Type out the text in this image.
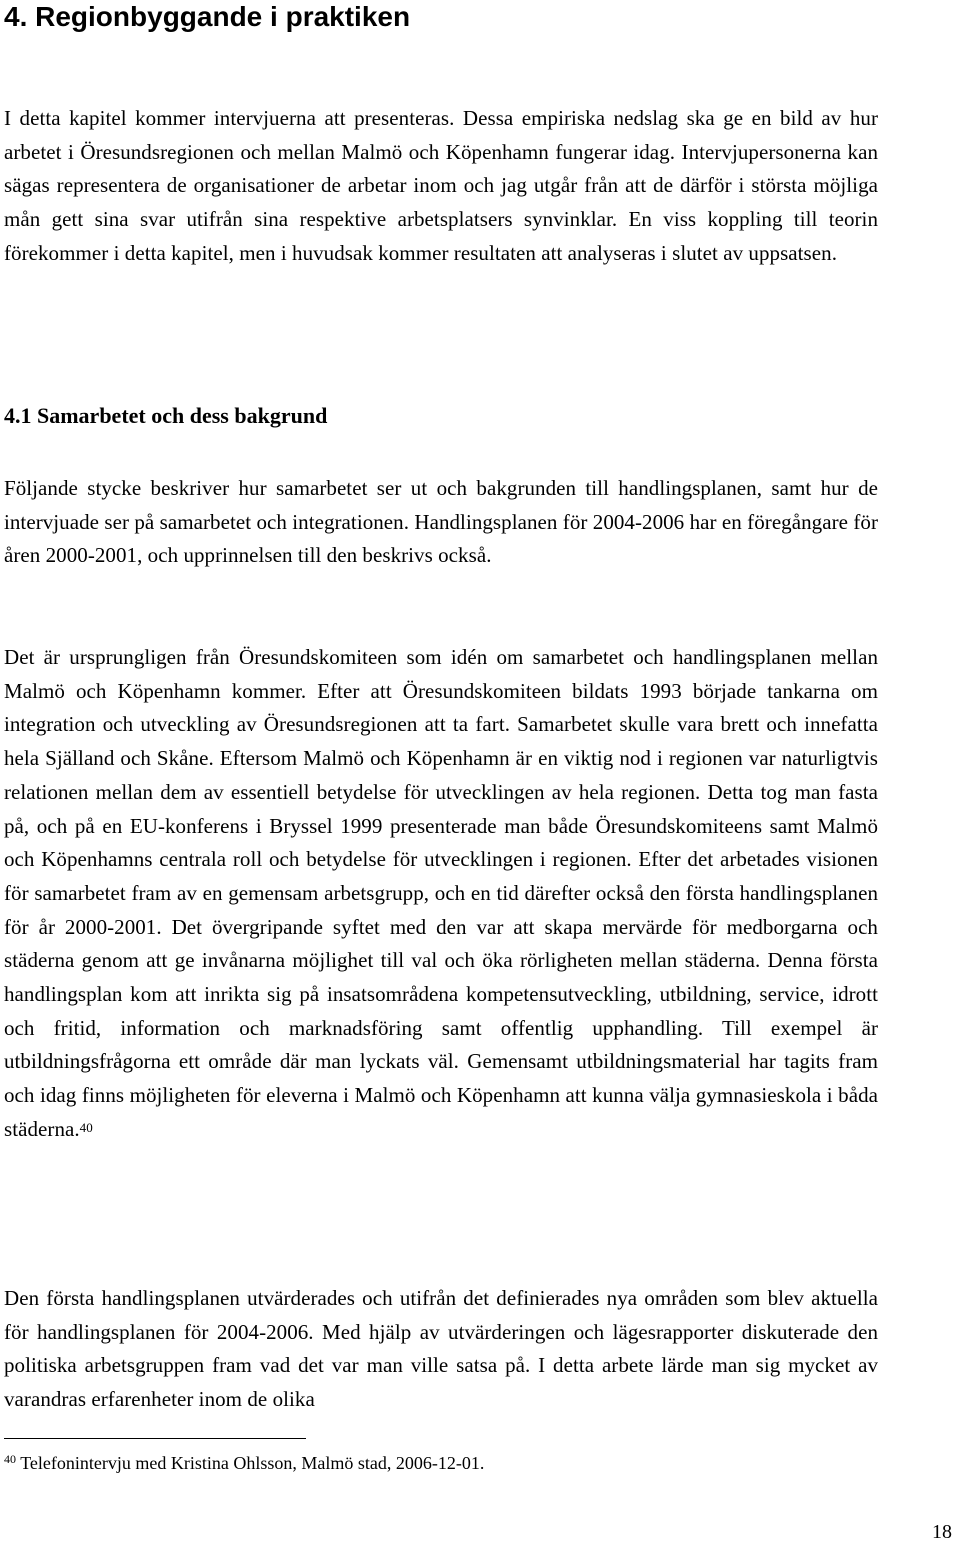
4. Regionbyggande i praktiken

I detta kapitel kommer intervjuerna att presenteras. Dessa empiriska nedslag ska ge en bild av hur arbetet i Öresundsregionen och mellan Malmö och Köpenhamn fungerar idag. Intervjupersonerna kan sägas representera de organisationer de arbetar inom och jag utgår från att de därför i största möjliga mån gett sina svar utifrån sina respektive arbetsplatsers synvinklar. En viss koppling till teorin förekommer i detta kapitel, men i huvudsak kommer resultaten att analyseras i slutet av uppsatsen.

4.1 Samarbetet och dess bakgrund

Följande stycke beskriver hur samarbetet ser ut och bakgrunden till handlingsplanen, samt hur de intervjuade ser på samarbetet och integrationen. Handlingsplanen för 2004-2006 har en föregångare för åren 2000-2001, och upprinnelsen till den beskrivs också.

Det är ursprungligen från Öresundskomiteen som idén om samarbetet och handlingsplanen mellan Malmö och Köpenhamn kommer. Efter att Öresundskomiteen bildats 1993 började tankarna om integration och utveckling av Öresundsregionen att ta fart. Samarbetet skulle vara brett och innefatta hela Själland och Skåne. Eftersom Malmö och Köpenhamn är en viktig nod i regionen var naturligtvis relationen mellan dem av essentiell betydelse för utvecklingen av hela regionen. Detta tog man fasta på, och på en EU-konferens i Bryssel 1999 presenterade man både Öresundskomiteens samt Malmö och Köpenhamns centrala roll och betydelse för utvecklingen i regionen. Efter det arbetades visionen för samarbetet fram av en gemensam arbetsgrupp, och en tid därefter också den första handlingsplanen för år 2000-2001. Det övergripande syftet med den var att skapa mervärde för medborgarna och städerna genom att ge invånarna möjlighet till val och öka rörligheten mellan städerna. Denna första handlingsplan kom att inrikta sig på insatsområdena kompetensutveckling, utbildning, service, idrott och fritid, information och marknadsföring samt offentlig upphandling. Till exempel är utbildningsfrågorna ett område där man lyckats väl. Gemensamt utbildningsmaterial har tagits fram och idag finns möjligheten för eleverna i Malmö och Köpenhamn att kunna välja gymnasieskola i båda städerna.$^{40}$

Den första handlingsplanen utvärderades och utifrån det definierades nya områden som blev aktuella för handlingsplanen för 2004-2006. Med hjälp av utvärderingen och lägesrapporter diskuterade den politiska arbetsgruppen fram vad det var man ville satsa på. I detta arbete lärde man sig mycket av varandras erfarenheter inom de olika

$^{40}$ Telefonintervju med Kristina Ohlsson, Malmö stad, 2006-12-01.

18
